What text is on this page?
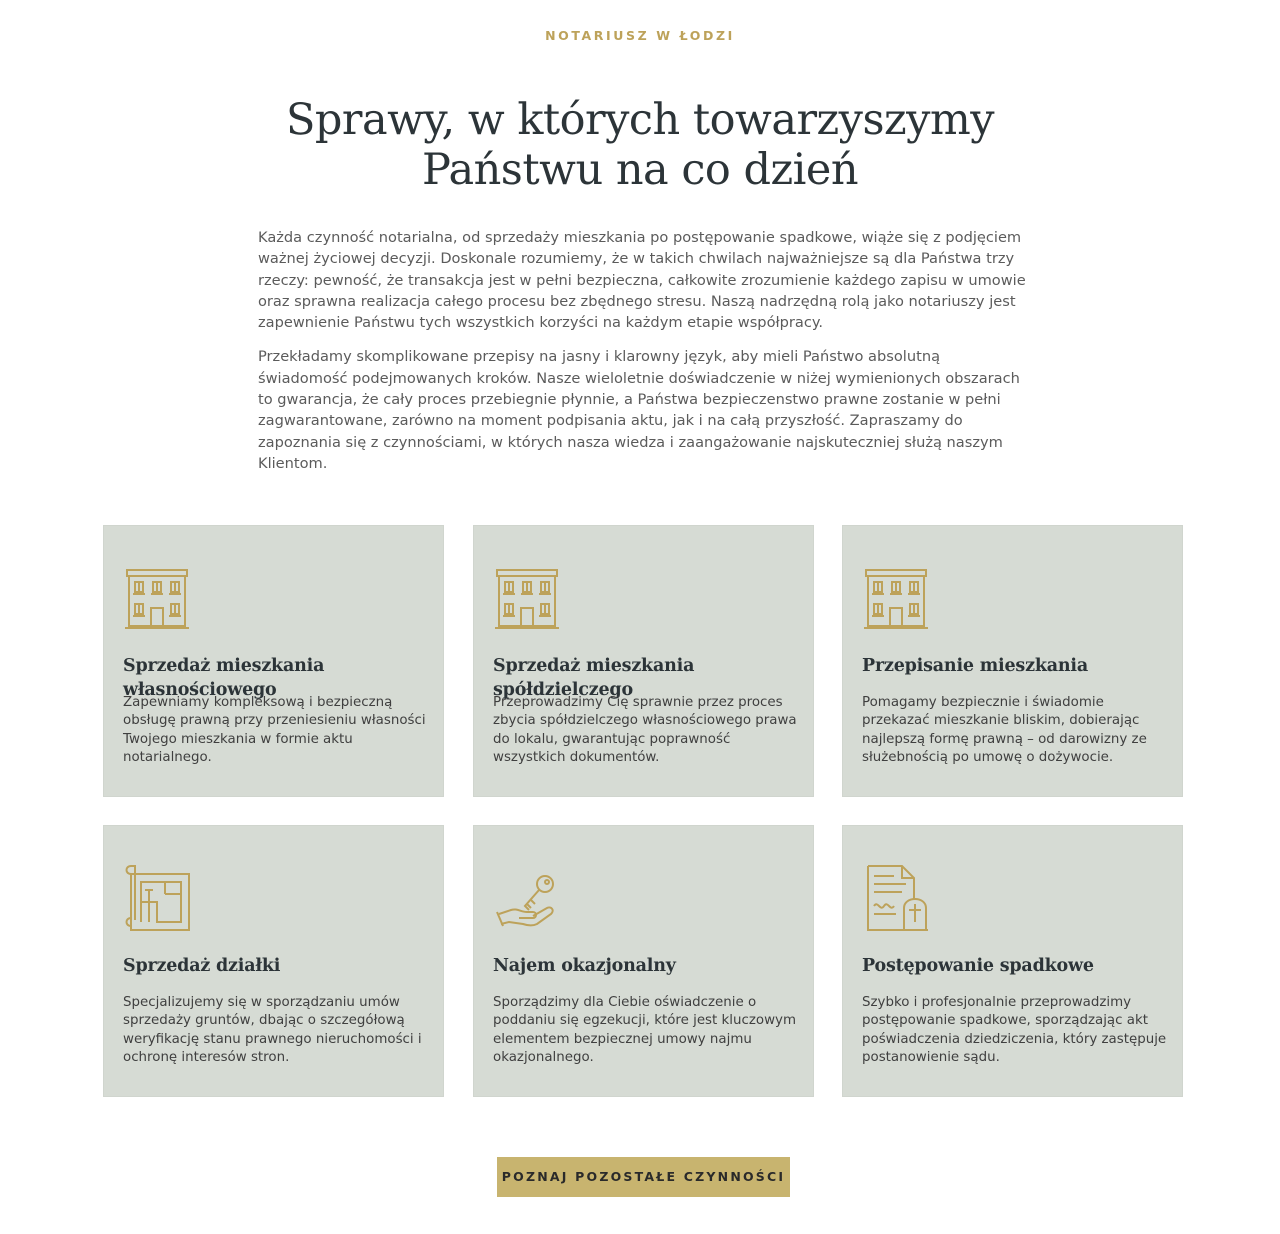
NOTARIUSZ W ŁODZI
Sprawy, w których towarzyszymy
Państwu na co dzień

Każda czynność notarialna, od sprzedaży mieszkania po postępowanie spadkowe, wiąże się z podjęciem ważnej życiowej decyzji. Doskonale rozumiemy, że w takich chwilach najważniejsze są dla Państwa trzy rzeczy: pewność, że transakcja jest w pełni bezpieczna, całkowite zrozumienie każdego zapisu w umowie oraz sprawna realizacja całego procesu bez zbędnego stresu. Naszą nadrzędną rolą jako notariuszy jest zapewnienie Państwu tych wszystkich korzyści na każdym etapie współpracy.

Przekładamy skomplikowane przepisy na jasny i klarowny język, aby mieli Państwo absolutną świadomość podejmowanych kroków. Nasze wieloletnie doświadczenie w niżej wymienionych obszarach to gwarancja, że cały proces przebiegnie płynnie, a Państwa bezpieczenstwo prawne zostanie w pełni zagwarantowane, zarówno na moment podpisania aktu, jak i na całą przyszłość. Zapraszamy do zapoznania się z czynnościami, w których nasza wiedza i zaangażowanie najskuteczniej służą naszym Klientom.

Sprzedaż mieszkania własnościowego

Zapewniamy kompleksową i bezpieczną obsługę prawną przy przeniesieniu własności Twojego mieszkania w formie aktu notarialnego.

Sprzedaż mieszkania spółdzielczego

Przeprowadzimy Cię sprawnie przez proces zbycia spółdzielczego własnościowego prawa do lokalu, gwarantując poprawność wszystkich dokumentów.

Przepisanie mieszkania

Pomagamy bezpiecznie i świadomie przekazać mieszkanie bliskim, dobierając najlepszą formę prawną – od darowizny ze służebnością po umowę o dożywocie.

Sprzedaż działki

Specjalizujemy się w sporządzaniu umów sprzedaży gruntów, dbając o szczegółową weryfikację stanu prawnego nieruchomości i ochronę interesów stron.

Najem okazjonalny

Sporządzimy dla Ciebie oświadczenie o poddaniu się egzekucji, które jest kluczowym elementem bezpiecznej umowy najmu okazjonalnego.

Postępowanie spadkowe

Szybko i profesjonalnie przeprowadzimy postępowanie spadkowe, sporządzając akt poświadczenia dziedziczenia, który zastępuje postanowienie sądu.

POZNAJ POZOSTAŁE CZYNNOŚCI
